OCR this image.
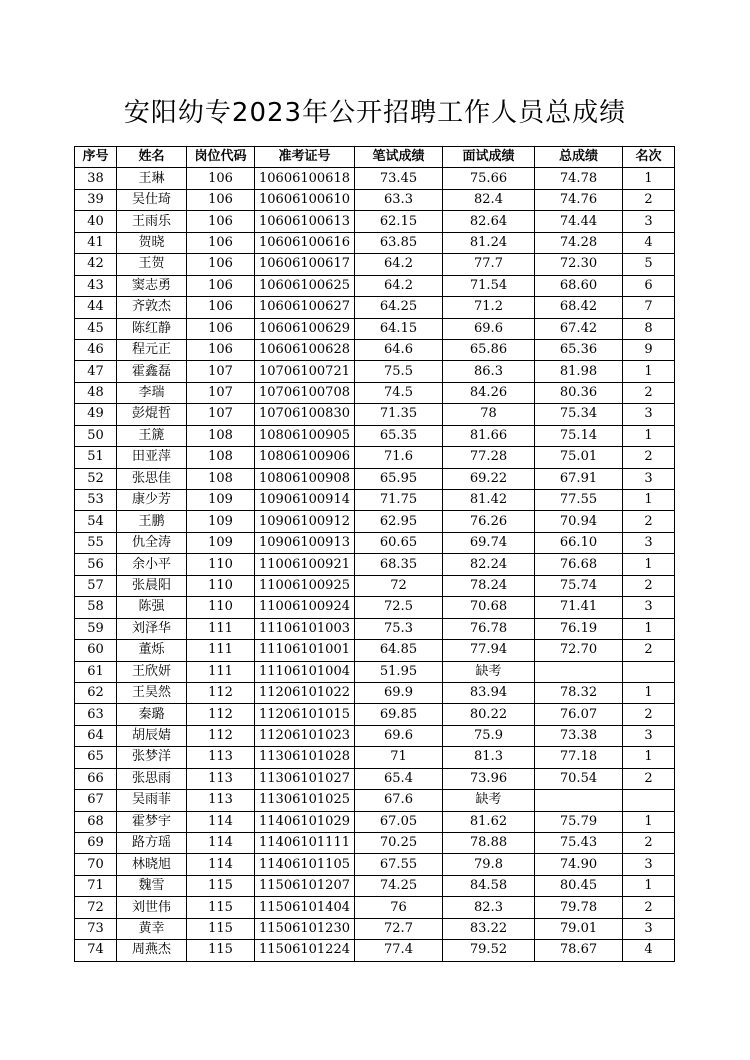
安阳幼专2023年公开招聘工作人员总成绩
序号	姓名	岗位代码	准考证号	笔试成绩	面试成绩	总成绩	名次
38	王琳	106	10606100618	73.45	75.66	74.78	1
39	吴仕琦	106	10606100610	63.3	82.4	74.76	2
40	王雨乐	106	10606100613	62.15	82.64	74.44	3
41	贺晓	106	10606100616	63.85	81.24	74.28	4
42	王贺	106	10606100617	64.2	77.7	72.30	5
43	窦志勇	106	10606100625	64.2	71.54	68.60	6
44	齐敦杰	106	10606100627	64.25	71.2	68.42	7
45	陈红静	106	10606100629	64.15	69.6	67.42	8
46	程元正	106	10606100628	64.6	65.86	65.36	9
47	霍鑫磊	107	10706100721	75.5	86.3	81.98	1
48	李瑞	107	10706100708	74.5	84.26	80.36	2
49	彭焜哲	107	10706100830	71.35	78	75.34	3
50	王篪	108	10806100905	65.35	81.66	75.14	1
51	田亚萍	108	10806100906	71.6	77.28	75.01	2
52	张思佳	108	10806100908	65.95	69.22	67.91	3
53	康少芳	109	10906100914	71.75	81.42	77.55	1
54	王鹏	109	10906100912	62.95	76.26	70.94	2
55	仇全涛	109	10906100913	60.65	69.74	66.10	3
56	余小平	110	11006100921	68.35	82.24	76.68	1
57	张晨阳	110	11006100925	72	78.24	75.74	2
58	陈强	110	11006100924	72.5	70.68	71.41	3
59	刘泽华	111	11106101003	75.3	76.78	76.19	1
60	董烁	111	11106101001	64.85	77.94	72.70	2
61	王欣妍	111	11106101004	51.95	缺考		
62	王昊然	112	11206101022	69.9	83.94	78.32	1
63	秦璐	112	11206101015	69.85	80.22	76.07	2
64	胡辰婧	112	11206101023	69.6	75.9	73.38	3
65	张梦洋	113	11306101028	71	81.3	77.18	1
66	张思雨	113	11306101027	65.4	73.96	70.54	2
67	吴雨菲	113	11306101025	67.6	缺考		
68	霍梦宇	114	11406101029	67.05	81.62	75.79	1
69	路方瑶	114	11406101111	70.25	78.88	75.43	2
70	林晓旭	114	11406101105	67.55	79.8	74.90	3
71	魏雪	115	11506101207	74.25	84.58	80.45	1
72	刘世伟	115	11506101404	76	82.3	79.78	2
73	黄幸	115	11506101230	72.7	83.22	79.01	3
74	周燕杰	115	11506101224	77.4	79.52	78.67	4
